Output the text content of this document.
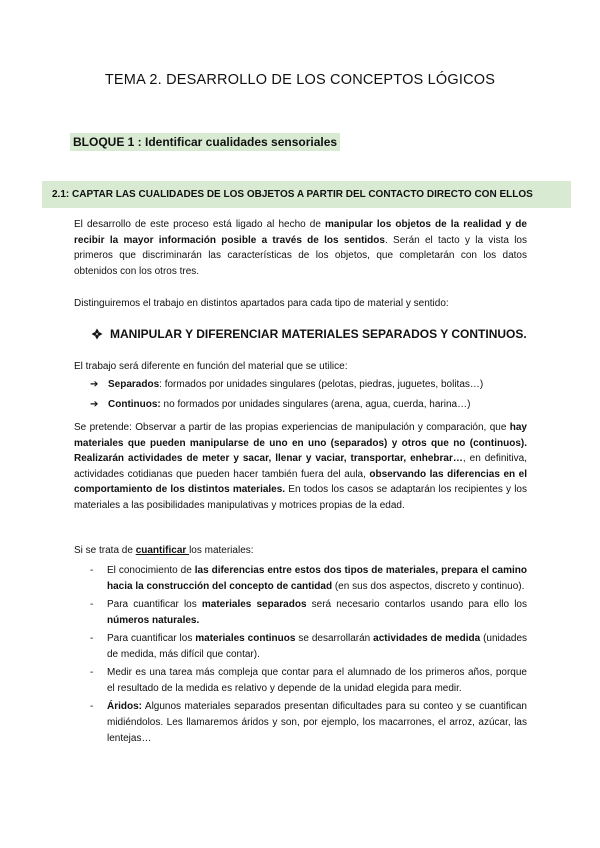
TEMA 2. DESARROLLO DE LOS CONCEPTOS LÓGICOS
BLOQUE 1 : Identificar cualidades sensoriales
2.1: CAPTAR LAS CUALIDADES DE LOS OBJETOS A PARTIR DEL CONTACTO DIRECTO CON ELLOS
El desarrollo de este proceso está ligado al hecho de manipular los objetos de la realidad y de recibir la mayor información posible a través de los sentidos. Serán el tacto y la vista los primeros que discriminarán las características de los objetos, que completarán con los datos obtenidos con los otros tres.
Distinguiremos el trabajo en distintos apartados para cada tipo de material y sentido:
MANIPULAR Y DIFERENCIAR MATERIALES SEPARADOS Y CONTINUOS.
El trabajo será diferente en función del material que se utilice:
➔ Separados: formados por unidades singulares (pelotas, piedras, juguetes, bolitas…)
➔ Continuos: no formados por unidades singulares (arena, agua, cuerda, harina…)
Se pretende: Observar a partir de las propias experiencias de manipulación y comparación, que hay materiales que pueden manipularse de uno en uno (separados) y otros que no (continuos). Realizarán actividades de meter y sacar, llenar y vaciar, transportar, enhebrar…, en definitiva, actividades cotidianas que pueden hacer también fuera del aula, observando las diferencias en el comportamiento de los distintos materiales. En todos los casos se adaptarán los recipientes y los materiales a las posibilidades manipulativas y motrices propias de la edad.
Si se trata de cuantificar los materiales:
-	El conocimiento de las diferencias entre estos dos tipos de materiales, prepara el camino hacia la construcción del concepto de cantidad (en sus dos aspectos, discreto y continuo).
-	Para cuantificar los materiales separados será necesario contarlos usando para ello los números naturales.
-	Para cuantificar los materiales continuos se desarrollarán actividades de medida (unidades de medida, más difícil que contar).
-	Medir es una tarea más compleja que contar para el alumnado de los primeros años, porque el resultado de la medida es relativo y depende de la unidad elegida para medir.
-	Áridos: Algunos materiales separados presentan dificultades para su conteo y se cuantifican midiéndolos. Les llamaremos áridos y son, por ejemplo, los macarrones, el arroz, azúcar, las lentejas…
